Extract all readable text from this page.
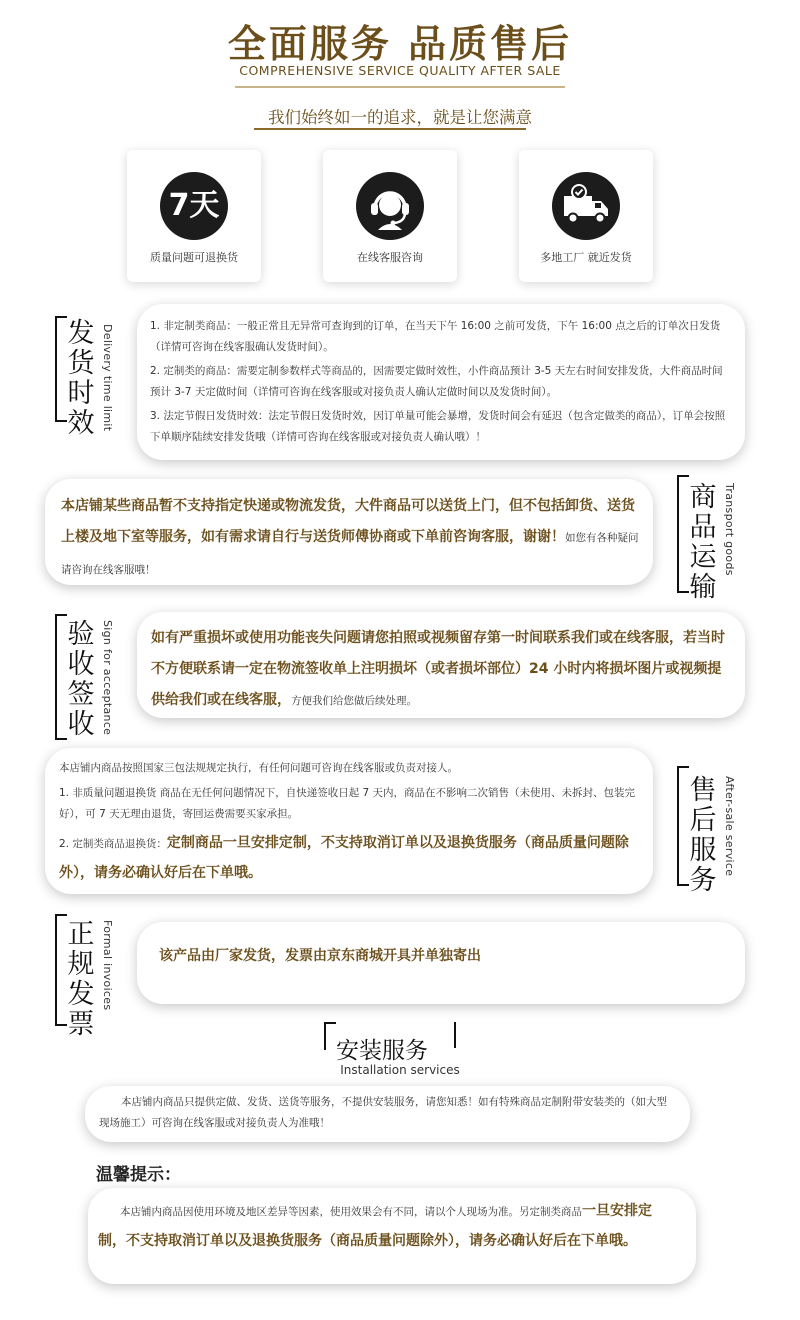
全面服务 品质售后
COMPREHENSIVE SERVICE QUALITY AFTER SALE
我们始终如一的追求，就是让您满意
7天
质量问题可退换货	在线客服咨询	多地工厂 就近发货
发货时效 Delivery time limit	1. 非定制类商品：一般正常且无异常可查询到的订单，在当天下午 16:00 之前可发货，下午 16:00 点之后的订单次日发货（详情可咨询在线客服确认发货时间）。

2. 定制类的商品：需要定制参数样式等商品的，因需要定做时效性，小件商品预计 3-5 天左右时间安排发货，大件商品时间预计 3-7 天定做时间（详情可咨询在线客服或对接负责人确认定做时间以及发货时间）。

3. 法定节假日发货时效：法定节假日发货时效，因订单量可能会暴增，发货时间会有延迟（包含定做类的商品），订单会按照下单顺序陆续安排发货哦（详情可咨询在线客服或对接负责人确认哦）！

本店铺某些商品暂不支持指定快递或物流发货，大件商品可以送货上门，但不包括卸货、送货上楼及地下室等服务，如有需求请自行与送货师傅协商或下单前咨询客服，谢谢！如您有各种疑问请咨询在线客服哦！

商品运输
Transport goods
验收签收 Sign for acceptance	如有严重损坏或使用功能丧失问题请您拍照或视频留存第一时间联系我们或在线客服，若当时不方便联系请一定在物流签收单上注明损坏（或者损坏部位）24 小时内将损坏图片或视频提供给我们或在线客服，方便我们给您做后续处理。

本店铺内商品按照国家三包法规规定执行，有任何问题可咨询在线客服或负责对接人。

1. 非质量问题退换货 商品在无任何问题情况下，自快递签收日起 7 天内，商品在不影响二次销售（未使用、未拆封、包装完好），可 7 天无理由退货，寄回运费需要买家承担。

2. 定制类商品退换货：定制商品一旦安排定制，不支持取消订单以及退换货服务（商品质量问题除外），请务必确认好后在下单哦。

售后服务
After-sale service
正规发票
Formal invoices	该产品由厂家发货，发票由京东商城开具并单独寄出

安装服务
Installation services

本店铺内商品只提供定做、发货、送货等服务，不提供安装服务，请您知悉！如有特殊商品定制附带安装类的（如大型现场施工）可咨询在线客服或对接负责人为准哦！

温馨提示：

本店铺内商品因使用环境及地区差异等因素，使用效果会有不同，请以个人现场为准。另定制类商品一旦安排定制，不支持取消订单以及退换货服务（商品质量问题除外），请务必确认好后在下单哦。
